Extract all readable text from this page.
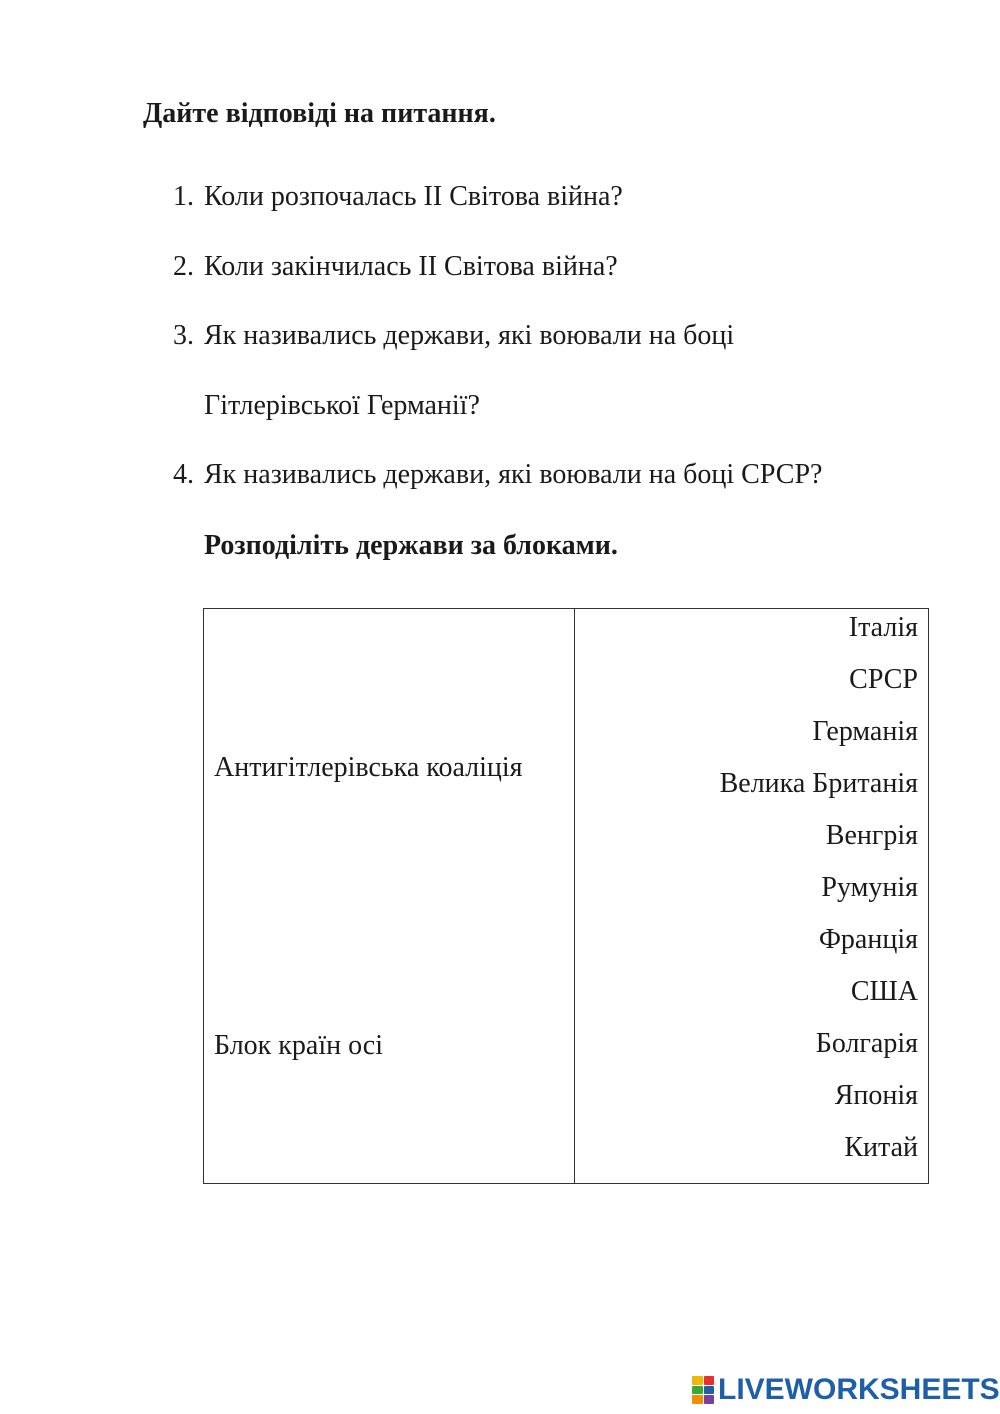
Дайте відповіді на питання.
1. Коли розпочалась II Світова війна?
2. Коли закінчилась II Світова війна?
3. Як називались держави, які воювали на боці
Гітлерівської Германії?
4. Як називались держави, які воювали на боці СРСР?
Розподіліть держави за блоками.
Антигітлерівська коаліція
Блок країн осі
Італія
СРСР
Германія
Велика Британія
Венгрія
Румунія
Франція
США
Болгарія
Японія
Китай
LIVEWORKSHEETS
